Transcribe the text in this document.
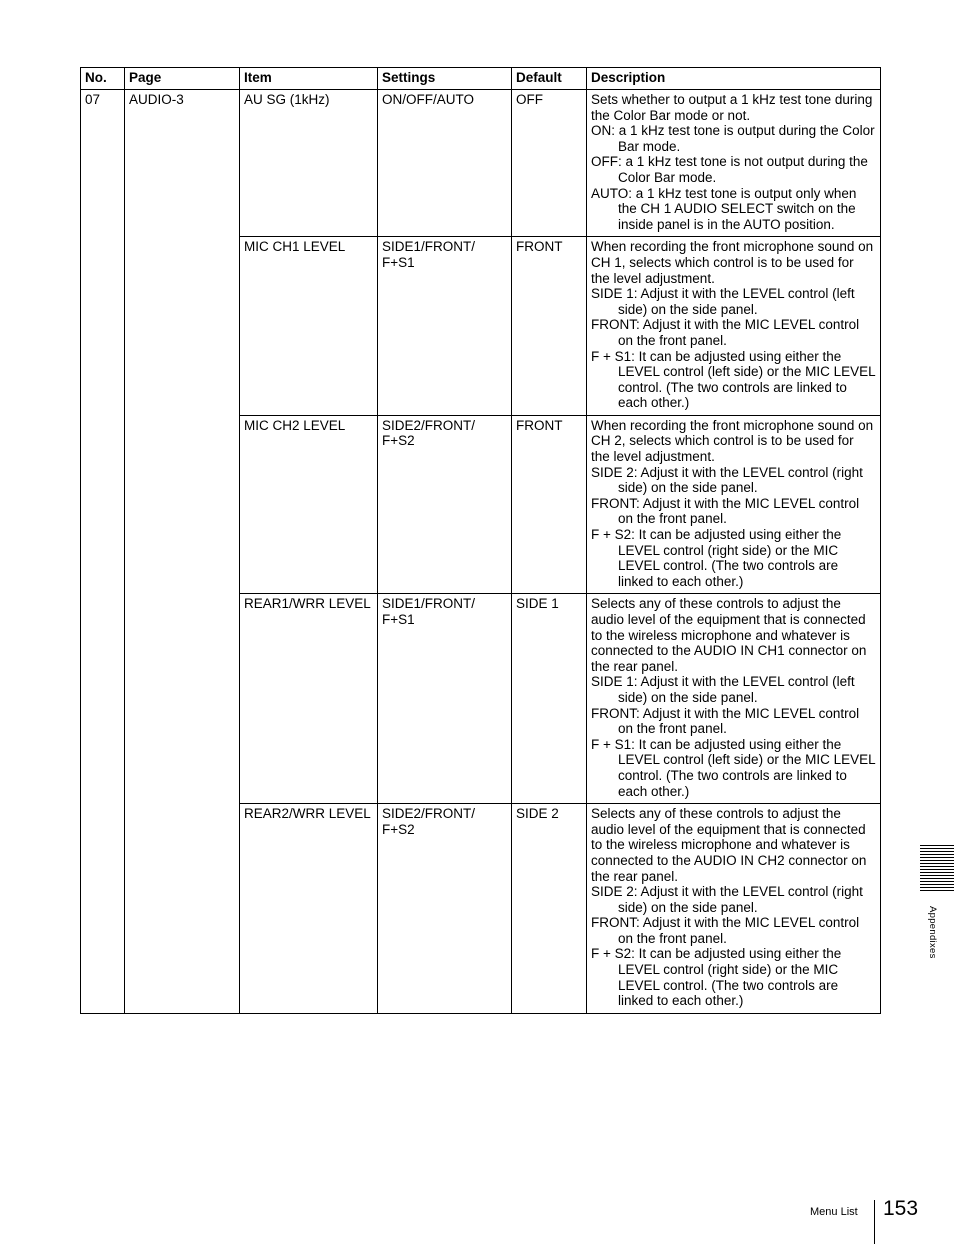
No.	Page	Item	Settings	Default	Description
07	AUDIO-3	AU SG (1kHz)	ON/OFF/AUTO	OFF	Sets whether to output a 1 kHz test tone during the Color Bar mode or not.

ON: a 1 kHz test tone is output during the Color Bar mode.

OFF: a 1 kHz test tone is not output during the Color Bar mode.

AUTO: a 1 kHz test tone is output only when the CH 1 AUDIO SELECT switch on the inside panel is in the AUTO position.

		MIC CH1 LEVEL	SIDE1/FRONT/ F+S1	FRONT	When recording the front microphone sound on CH 1, selects which control is to be used for the level adjustment.

SIDE 1: Adjust it with the LEVEL control (left side) on the side panel.

FRONT: Adjust it with the MIC LEVEL control on the front panel.

F + S1: It can be adjusted using either the LEVEL control (left side) or the MIC LEVEL control. (The two controls are linked to each other.)

		MIC CH2 LEVEL	SIDE2/FRONT/ F+S2	FRONT	When recording the front microphone sound on CH 2, selects which control is to be used for the level adjustment.

SIDE 2: Adjust it with the LEVEL control (right side) on the side panel.

FRONT: Adjust it with the MIC LEVEL control on the front panel.

F + S2: It can be adjusted using either the LEVEL control (right side) or the MIC LEVEL control. (The two controls are linked to each other.)

		REAR1/WRR LEVEL	SIDE1/FRONT/ F+S1	SIDE 1	Selects any of these controls to adjust the audio level of the equipment that is connected to the wireless microphone and whatever is connected to the AUDIO IN CH1 connector on the rear panel.

SIDE 1: Adjust it with the LEVEL control (left side) on the side panel.

FRONT: Adjust it with the MIC LEVEL control on the front panel.

F + S1: It can be adjusted using either the LEVEL control (left side) or the MIC LEVEL control. (The two controls are linked to each other.)

		REAR2/WRR LEVEL	SIDE2/FRONT/ F+S2	SIDE 2	Selects any of these controls to adjust the audio level of the equipment that is connected to the wireless microphone and whatever is connected to the AUDIO IN CH2 connector on the rear panel.

SIDE 2: Adjust it with the LEVEL control (right side) on the side panel.

FRONT: Adjust it with the MIC LEVEL control on the front panel.

F + S2: It can be adjusted using either the LEVEL control (right side) or the MIC LEVEL control. (The two controls are linked to each other.)

Appendixes
Menu List 153
